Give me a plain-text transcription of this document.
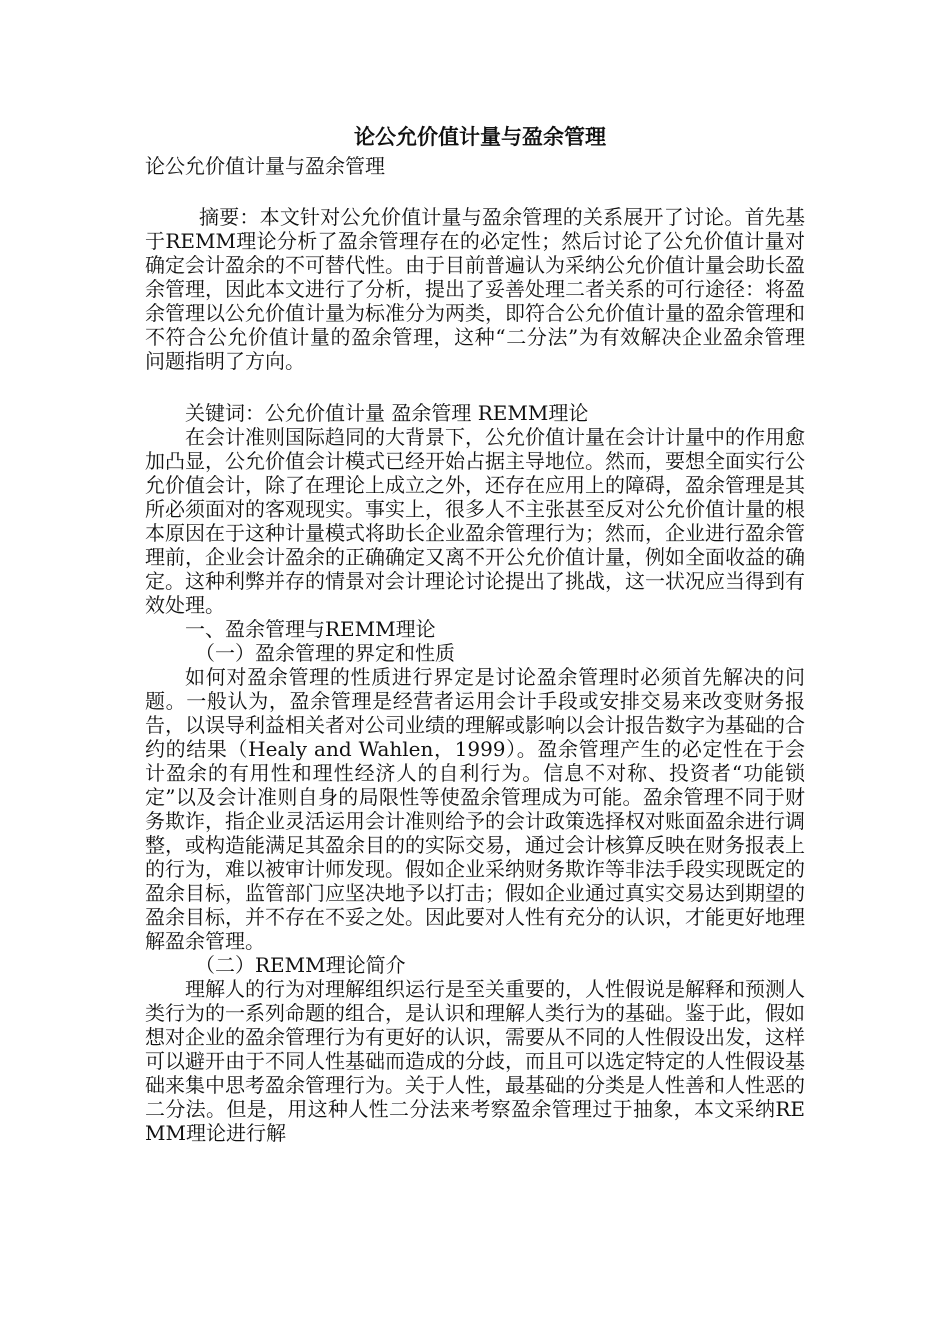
论公允价值计量与盈余管理

论公允价值计量与盈余管理

摘要：本文针对公允价值计量与盈余管理的关系展开了讨论。首先基于REMM理论分析了盈余管理存在的必定性；然后讨论了公允价值计量对确定会计盈余的不可替代性。由于目前普遍认为采纳公允价值计量会助长盈余管理，因此本文进行了分析，提出了妥善处理二者关系的可行途径：将盈余管理以公允价值计量为标准分为两类，即符合公允价值计量的盈余管理和不符合公允价值计量的盈余管理，这种“二分法”为有效解决企业盈余管理问题指明了方向。

关键词：公允价值计量 盈余管理 REMM理论

在会计准则国际趋同的大背景下，公允价值计量在会计计量中的作用愈加凸显，公允价值会计模式已经开始占据主导地位。然而，要想全面实行公允价值会计，除了在理论上成立之外，还存在应用上的障碍，盈余管理是其所必须面对的客观现实。事实上，很多人不主张甚至反对公允价值计量的根本原因在于这种计量模式将助长企业盈余管理行为；然而，企业进行盈余管理前，企业会计盈余的正确确定又离不开公允价值计量，例如全面收益的确定。这种利弊并存的情景对会计理论讨论提出了挑战，这一状况应当得到有效处理。

一、盈余管理与REMM理论

（一）盈余管理的界定和性质

如何对盈余管理的性质进行界定是讨论盈余管理时必须首先解决的问题。一般认为，盈余管理是经营者运用会计手段或安排交易来改变财务报告，以误导利益相关者对公司业绩的理解或影响以会计报告数字为基础的合约的结果（Healy and Wahlen，1999）。盈余管理产生的必定性在于会计盈余的有用性和理性经济人的自利行为。信息不对称、投资者“功能锁定”以及会计准则自身的局限性等使盈余管理成为可能。盈余管理不同于财务欺诈，指企业灵活运用会计准则给予的会计政策选择权对账面盈余进行调整，或构造能满足其盈余目的的实际交易，通过会计核算反映在财务报表上的行为，难以被审计师发现。假如企业采纳财务欺诈等非法手段实现既定的盈余目标，监管部门应坚决地予以打击；假如企业通过真实交易达到期望的盈余目标，并不存在不妥之处。因此要对人性有充分的认识，才能更好地理解盈余管理。

（二）REMM理论简介

理解人的行为对理解组织运行是至关重要的，人性假说是解释和预测人类行为的一系列命题的组合，是认识和理解人类行为的基础。鉴于此，假如想对企业的盈余管理行为有更好的认识，需要从不同的人性假设出发，这样可以避开由于不同人性基础而造成的分歧，而且可以选定特定的人性假设基础来集中思考盈余管理行为。关于人性，最基础的分类是人性善和人性恶的二分法。但是，用这种人性二分法来考察盈余管理过于抽象，本文采纳REMM理论进行解
